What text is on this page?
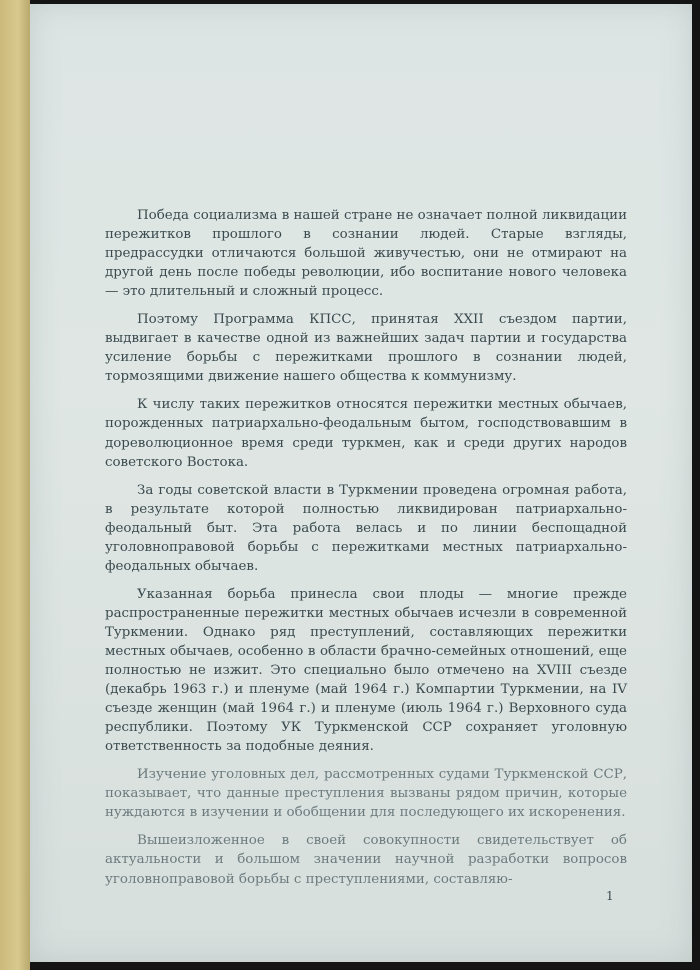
Победа социализма в нашей стране не означает полной ликвидации пережитков прошлого в сознании людей. Старые взгляды, предрассудки отличаются большой живучестью, они не отмирают на другой день после победы революции, ибо воспитание нового человека — это длительный и сложный процесс.

Поэтому Программа КПСС, принятая XXII съездом партии, выдвигает в качестве одной из важнейших задач партии и государства усиление борьбы с пережитками прошлого в сознании людей, тормозящими движение нашего общества к коммунизму.

К числу таких пережитков относятся пережитки местных обычаев, порожденных патриархально-феодальным бытом, господствовавшим в дореволюционное время среди туркмен, как и среди других народов советского Востока.

За годы советской власти в Туркмении проведена огромная работа, в результате которой полностью ликвидирован патриархально-феодальный быт. Эта работа велась и по линии беспощадной уголовноправовой борьбы с пережитками местных патриархально-феодальных обычаев.

Указанная борьба принесла свои плоды — многие прежде распространенные пережитки местных обычаев исчезли в современной Туркмении. Однако ряд преступлений, составляющих пережитки местных обычаев, особенно в области брачно-семейных отношений, еще полностью не изжит. Это специально было отмечено на XVIII съезде (декабрь 1963 г.) и пленуме (май 1964 г.) Компартии Туркмении, на IV съезде женщин (май 1964 г.) и пленуме (июль 1964 г.) Верховного суда республики. Поэтому УК Туркменской ССР сохраняет уголовную ответственность за подобные деяния.

Изучение уголовных дел, рассмотренных судами Туркменской ССР, показывает, что данные преступления вызваны рядом причин, которые нуждаются в изучении и обобщении для последующего их искоренения.

Вышеизложенное в своей совокупности свидетельствует об актуальности и большом значении научной разработки вопросов уголовноправовой борьбы с преступлениями, составляю-

1
